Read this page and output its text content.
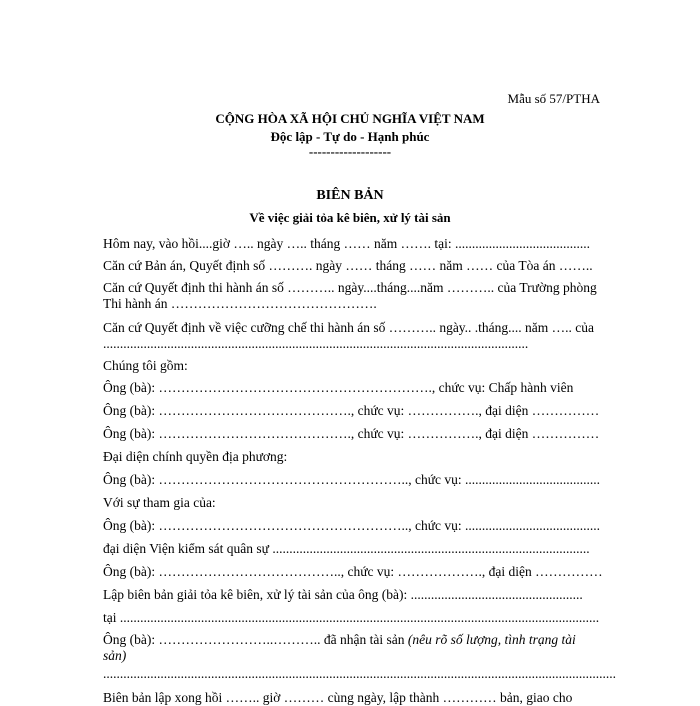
Mẫu số 57/PTHA
CỘNG HÒA XÃ HỘI CHỦ NGHĨA VIỆT NAM
Độc lập - Tự do - Hạnh phúc
-------------------
BIÊN BẢN
Về việc giải tỏa kê biên, xử lý tài sản
Hôm nay, vào hồi....giờ ….. ngày ….. tháng …… năm ……. tại: ........................................
Căn cứ Bản án, Quyết định số ………. ngày …… tháng …… năm …… của Tòa án ……..
Căn cứ Quyết định thi hành án số ……….. ngày....tháng....năm ……….. của Trường phòng Thi hành án ……………………………………….
Căn cứ Quyết định về việc cưỡng chế thi hành án số ……….. ngày.. .tháng.... năm ….. của ..............................................................................................................................
Chúng tôi gồm:
Ông (bà): ……………………………………………………., chức vụ: Chấp hành viên
Ông (bà): ……………………………………., chức vụ: ……………., đại diện ……………
Ông (bà): ……………………………………., chức vụ: ……………., đại diện ……………
Đại diện chính quyền địa phương:
Ông (bà): ……………………………………………….., chức vụ: ........................................
Với sự tham gia của:
Ông (bà): ……………………………………………….., chức vụ: ........................................
đại diện Viện kiểm sát quân sự ..............................................................................................
Ông (bà): ………………………………….., chức vụ: ………………., đại diện ……………
Lập biên bản giải tỏa kê biên, xử lý tài sản của ông (bà): ...................................................
tại ..............................................................................................................................................
Ông (bà): ……………………..……….. đã nhận tài sản (nêu rõ số lượng, tình trạng tài sản)
........................................................................................................................................................
Biên bản lập xong hồi …….. giờ ……… cùng ngày, lập thành ………… bản, giao cho
